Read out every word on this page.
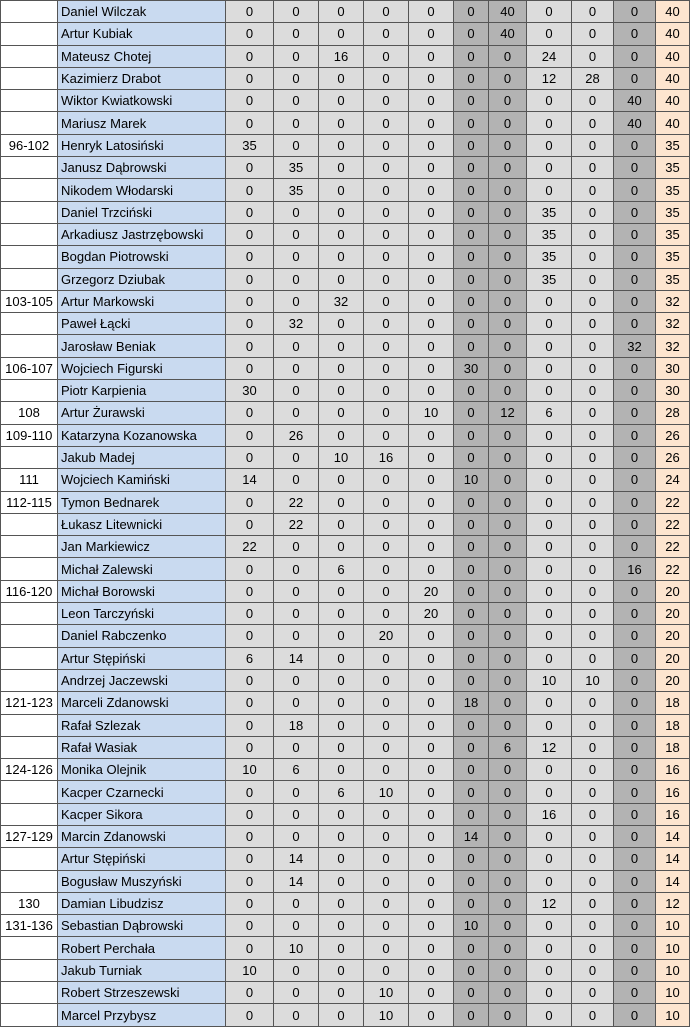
	Daniel Wilczak	0	0	0	0	0	0	40	0	0	0	40
	Artur Kubiak	0	0	0	0	0	0	40	0	0	0	40
	Mateusz Chotej	0	0	16	0	0	0	0	24	0	0	40
	Kazimierz Drabot	0	0	0	0	0	0	0	12	28	0	40
	Wiktor Kwiatkowski	0	0	0	0	0	0	0	0	0	40	40
	Mariusz Marek	0	0	0	0	0	0	0	0	0	40	40
96-102	Henryk Latosiński	35	0	0	0	0	0	0	0	0	0	35
	Janusz Dąbrowski	0	35	0	0	0	0	0	0	0	0	35
	Nikodem Włodarski	0	35	0	0	0	0	0	0	0	0	35
	Daniel Trzciński	0	0	0	0	0	0	0	35	0	0	35
	Arkadiusz Jastrzębowski	0	0	0	0	0	0	0	35	0	0	35
	Bogdan Piotrowski	0	0	0	0	0	0	0	35	0	0	35
	Grzegorz Dziubak	0	0	0	0	0	0	0	35	0	0	35
103-105	Artur Markowski	0	0	32	0	0	0	0	0	0	0	32
	Paweł Łącki	0	32	0	0	0	0	0	0	0	0	32
	Jarosław Beniak	0	0	0	0	0	0	0	0	0	32	32
106-107	Wojciech Figurski	0	0	0	0	0	30	0	0	0	0	30
	Piotr Karpienia	30	0	0	0	0	0	0	0	0	0	30
108	Artur Żurawski	0	0	0	0	10	0	12	6	0	0	28
109-110	Katarzyna Kozanowska	0	26	0	0	0	0	0	0	0	0	26
	Jakub Madej	0	0	10	16	0	0	0	0	0	0	26
111	Wojciech Kamiński	14	0	0	0	0	10	0	0	0	0	24
112-115	Tymon Bednarek	0	22	0	0	0	0	0	0	0	0	22
	Łukasz Litewnicki	0	22	0	0	0	0	0	0	0	0	22
	Jan Markiewicz	22	0	0	0	0	0	0	0	0	0	22
	Michał Zalewski	0	0	6	0	0	0	0	0	0	16	22
116-120	Michał Borowski	0	0	0	0	20	0	0	0	0	0	20
	Leon Tarczyński	0	0	0	0	20	0	0	0	0	0	20
	Daniel Rabczenko	0	0	0	20	0	0	0	0	0	0	20
	Artur Stępiński	6	14	0	0	0	0	0	0	0	0	20
	Andrzej Jaczewski	0	0	0	0	0	0	0	10	10	0	20
121-123	Marceli Zdanowski	0	0	0	0	0	18	0	0	0	0	18
	Rafał Szlezak	0	18	0	0	0	0	0	0	0	0	18
	Rafał Wasiak	0	0	0	0	0	0	6	12	0	0	18
124-126	Monika Olejnik	10	6	0	0	0	0	0	0	0	0	16
	Kacper Czarnecki	0	0	6	10	0	0	0	0	0	0	16
	Kacper Sikora	0	0	0	0	0	0	0	16	0	0	16
127-129	Marcin Zdanowski	0	0	0	0	0	14	0	0	0	0	14
	Artur Stępiński	0	14	0	0	0	0	0	0	0	0	14
	Bogusław Muszyński	0	14	0	0	0	0	0	0	0	0	14
130	Damian Libudzisz	0	0	0	0	0	0	0	12	0	0	12
131-136	Sebastian Dąbrowski	0	0	0	0	0	10	0	0	0	0	10
	Robert Perchała	0	10	0	0	0	0	0	0	0	0	10
	Jakub Turniak	10	0	0	0	0	0	0	0	0	0	10
	Robert Strzeszewski	0	0	0	10	0	0	0	0	0	0	10
	Marcel Przybysz	0	0	0	10	0	0	0	0	0	0	10
